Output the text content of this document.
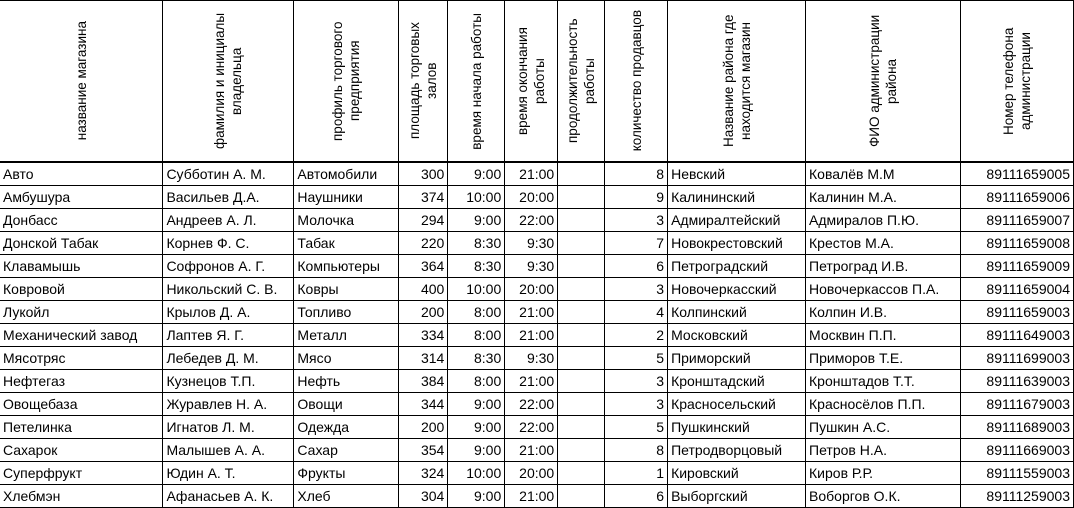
название магазина	фамилия и инициалы владельца	профиль торгового предприятия	площадь торговых залов	время начала работы	время окончания работы	продолжительность работы	количество продавцов	Название района где находится магазин	ФИО администрации района	Номер телефона администрации

Авто	Субботин А. М.	Автомобили	300	9:00	21:00		8	Невский	Ковалёв М.М	89111659005
Амбушура	Васильев Д.А.	Наушники	374	10:00	20:00		9	Калининский	Калинин М.А.	89111659006
Донбасс	Андреев А. Л.	Молочка	294	9:00	22:00		3	Адмиралтейский	Адмиралов П.Ю.	89111659007
Донской Табак	Корнев Ф. С.	Табак	220	8:30	9:30		7	Новокрестовский	Крестов М.А.	89111659008
Клавамышь	Софронов А. Г.	Компьютеры	364	8:30	9:30		6	Петроградский	Петроград И.В.	89111659009
Ковровой	Никольский С. В.	Ковры	400	10:00	20:00		3	Новочеркасский	Новочеркассов П.А.	89111659004
Лукойл	Крылов Д. А.	Топливо	200	8:00	21:00		4	Колпинский	Колпин И.В.	89111659003
Механический завод	Лаптев Я. Г.	Металл	334	8:00	21:00		2	Московский	Москвин П.П.	89111649003
Мясотряс	Лебедев Д. М.	Мясо	314	8:30	9:30		5	Приморский	Приморов Т.Е.	89111699003
Нефтегаз	Кузнецов Т.П.	Нефть	384	8:00	21:00		3	Кронштадский	Кронштадов Т.Т.	89111639003
Овощебаза	Журавлев Н. А.	Овощи	344	9:00	22:00		3	Красносельский	Красносёлов П.П.	89111679003
Петелинка	Игнатов Л. М.	Одежда	200	9:00	22:00		5	Пушкинский	Пушкин А.С.	89111689003
Сахарок	Малышев А. А.	Сахар	354	9:00	21:00		8	Петродворцовый	Петров Н.А.	89111669003
Суперфрукт	Юдин А. Т.	Фрукты	324	10:00	20:00		1	Кировский	Киров Р.Р.	89111559003
Хлебмэн	Афанасьев А. К.	Хлеб	304	9:00	21:00		6	Выборгский	Воборгов О.К.	89111259003
